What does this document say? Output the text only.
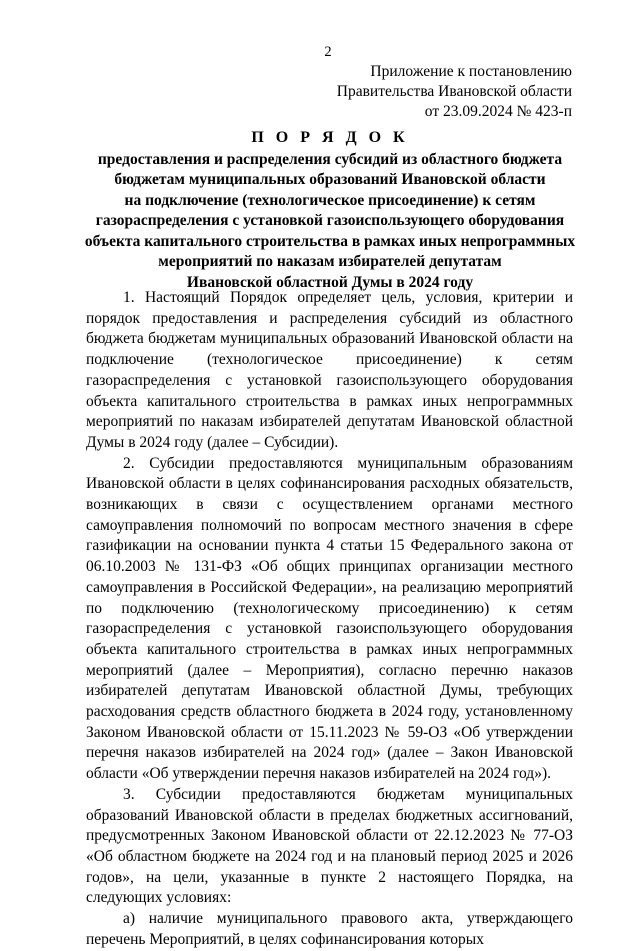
2
Приложение к постановлению
Правительства Ивановской области
от 23.09.2024 № 423-п
П О Р Я Д О К
предоставления и распределения субсидий из областного бюджета
бюджетам муниципальных образований Ивановской области
на подключение (технологическое присоединение) к сетям
газораспределения с установкой газоиспользующего оборудования
объекта капитального строительства в рамках иных непрограммных
мероприятий по наказам избирателей депутатам
Ивановской областной Думы в 2024 году

1. Настоящий Порядок определяет цель, условия, критерии и порядок предоставления и распределения субсидий из областного бюджета бюджетам муниципальных образований Ивановской области на подключение (технологическое присоединение) к сетям газораспределения с установкой газоиспользующего оборудования объекта капитального строительства в рамках иных непрограммных мероприятий по наказам избирателей депутатам Ивановской областной Думы в 2024 году (далее – Субсидии).

2. Субсидии предоставляются муниципальным образованиям Ивановской области в целях софинансирования расходных обязательств, возникающих в связи с осуществлением органами местного самоуправления полномочий по вопросам местного значения в сфере газификации на основании пункта 4 статьи 15 Федерального закона от 06.10.2003 № 131-ФЗ «Об общих принципах организации местного самоуправления в Российской Федерации», на реализацию мероприятий по подключению (технологическому присоединению) к сетям газораспределения с установкой газоиспользующего оборудования объекта капитального строительства в рамках иных непрограммных мероприятий (далее – Мероприятия), согласно перечню наказов избирателей депутатам Ивановской областной Думы, требующих расходования средств областного бюджета в 2024 году, установленному Законом Ивановской области от 15.11.2023 № 59-ОЗ «Об утверждении перечня наказов избирателей на 2024 год» (далее – Закон Ивановской области «Об утверждении перечня наказов избирателей на 2024 год»).

3. Субсидии предоставляются бюджетам муниципальных образований Ивановской области в пределах бюджетных ассигнований, предусмотренных Законом Ивановской области от 22.12.2023 № 77-ОЗ «Об областном бюджете на 2024 год и на плановый период 2025 и 2026 годов», на цели, указанные в пункте 2 настоящего Порядка, на следующих условиях:

а) наличие муниципального правового акта, утверждающего перечень Мероприятий, в целях софинансирования которых
